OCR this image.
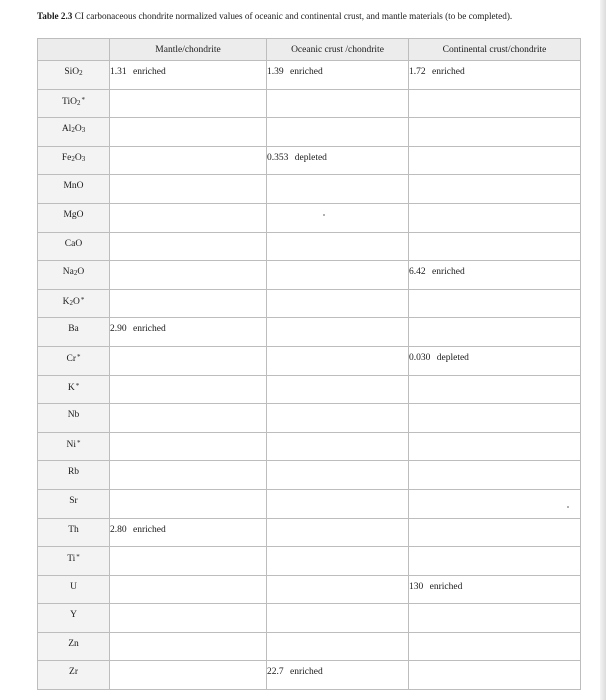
Table 2.3 CI carbonaceous chondrite normalized values of oceanic and continental crust, and mantle materials (to be completed).
	Mantle/chondrite	Oceanic crust /chondrite	Continental crust/chondrite
SiO$_2$	1.31 enriched	1.39 enriched	1.72 enriched
TiO$_2$*			
$Al_2O_3$			
$Fe_2O_3$		0.353 depleted	
MnO			
MgO			
CaO			
$Na_2O$			6.42 enriched
$K_2O^*$			
Ba	2.90 enriched		
Cr*			0.030 depleted
K*			
Nb			
Ni*			
Rb			
Sr			
Th	2.80 enriched		
Ti*			
U			130 enriched
Y			
Zn			
Zr		22.7 enriched	
